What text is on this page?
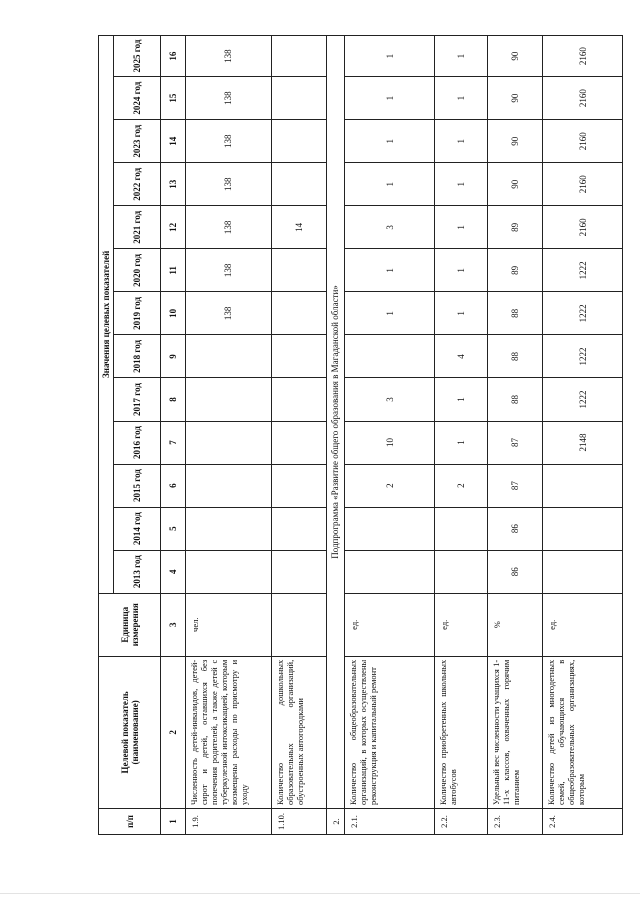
п/п	Целевой показатель (наименование)	Единица измерения	Значения целевых показателей												
			2013 год	2014 год	2015 год	2016 год	2017 год	2018 год	2019 год	2020 год	2021 год	2022 год	2023 год	2024 год	2025 год
1	2	3	4	5	6	7	8	9	10	11	12	13	14	15	16
1.9.	Численность детей-инвалидов, детей-сирот и детей, оставшихся без попечения родителей, а также детей с туберкулезной интоксикацией, которым возмещены расходы по присмотру и уходу	чел.							138	138	138	138	138	138	138
1.10.	Количество дошкольных образовательных организаций, обустроенных автогородками										14				
2.	Подпрограмма «Развитие общего образования в Магаданской области»														
2.1.	Количество общеобразовательных организаций, в которых осуществлены реконструкция и капитальный ремонт	ед.			2	10	3		1	1	3	1	1	1	1
2.2.	Количество приобретенных школьных автобусов	ед.			2	1	1	4	1	1	1	1	1	1	1
2.3.	Удельный вес численности учащихся 1-11-х классов, охваченных горячим питанием	%	86	86	87	87	88	88	88	89	89	90	90	90	90
2.4.	Количество детей из многодетных семей, обучающихся в общеобразовательных организациях, которым	ед.				2148	1222	1222	1222	1222	2160	2160	2160	2160	2160
